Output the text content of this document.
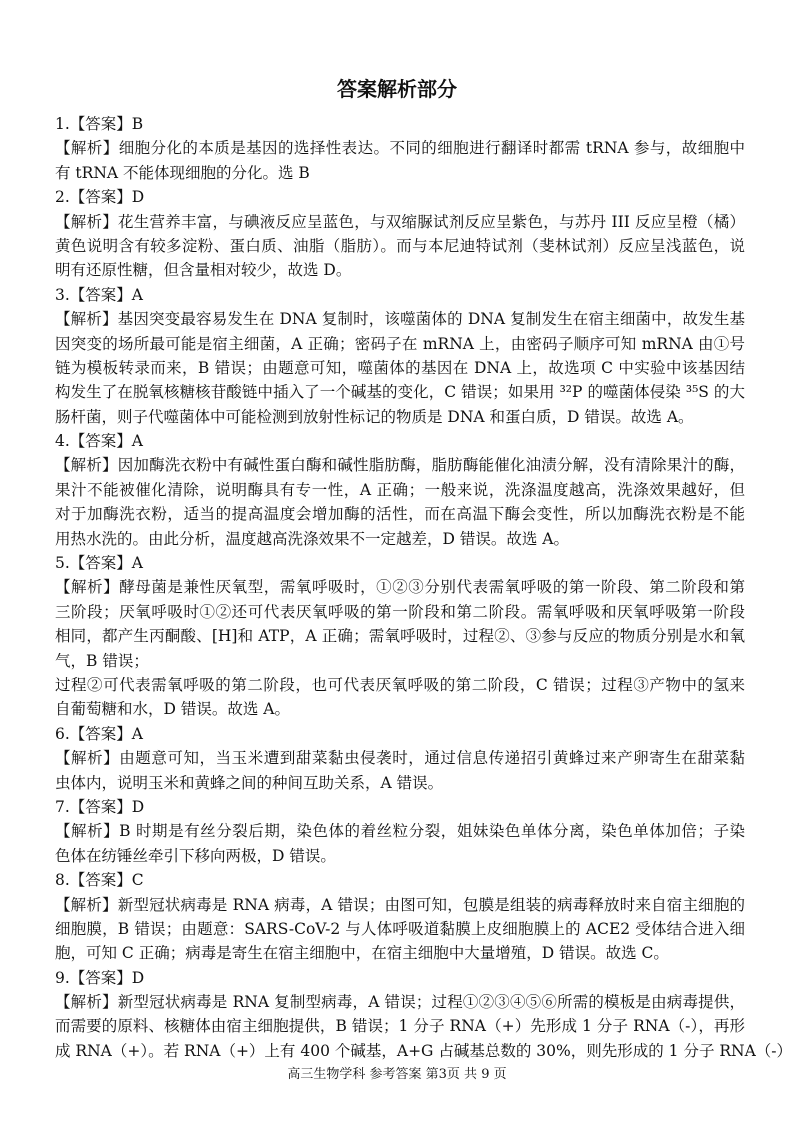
答案解析部分
1.【答案】B
【解析】细胞分化的本质是基因的选择性表达。不同的细胞进行翻译时都需 tRNA 参与，故细胞中
有 tRNA 不能体现细胞的分化。选 B
2.【答案】D
【解析】花生营养丰富，与碘液反应呈蓝色，与双缩脲试剂反应呈紫色，与苏丹 III 反应呈橙（橘）
黄色说明含有较多淀粉、蛋白质、油脂（脂肪）。而与本尼迪特试剂（斐林试剂）反应呈浅蓝色，说
明有还原性糖，但含量相对较少，故选 D。
3.【答案】A
【解析】基因突变最容易发生在 DNA 复制时，该噬菌体的 DNA 复制发生在宿主细菌中，故发生基
因突变的场所最可能是宿主细菌，A 正确；密码子在 mRNA 上，由密码子顺序可知 mRNA 由①号
链为模板转录而来，B 错误；由题意可知，噬菌体的基因在 DNA 上，故选项 C 中实验中该基因结
构发生了在脱氧核糖核苷酸链中插入了一个碱基的变化，C 错误；如果用 ³²P 的噬菌体侵染 ³⁵S 的大
肠杆菌，则子代噬菌体中可能检测到放射性标记的物质是 DNA 和蛋白质，D 错误。故选 A。
4.【答案】A
【解析】因加酶洗衣粉中有碱性蛋白酶和碱性脂肪酶，脂肪酶能催化油渍分解，没有清除果汁的酶，
果汁不能被催化清除，说明酶具有专一性，A 正确；一般来说，洗涤温度越高，洗涤效果越好，但
对于加酶洗衣粉，适当的提高温度会增加酶的活性，而在高温下酶会变性，所以加酶洗衣粉是不能
用热水洗的。由此分析，温度越高洗涤效果不一定越差，D 错误。故选 A。
5.【答案】A
【解析】酵母菌是兼性厌氧型，需氧呼吸时，①②③分别代表需氧呼吸的第一阶段、第二阶段和第
三阶段；厌氧呼吸时①②还可代表厌氧呼吸的第一阶段和第二阶段。需氧呼吸和厌氧呼吸第一阶段
相同，都产生丙酮酸、[H]和 ATP，A 正确；需氧呼吸时，过程②、③参与反应的物质分别是水和氧
气，B 错误；
过程②可代表需氧呼吸的第二阶段，也可代表厌氧呼吸的第二阶段，C 错误；过程③产物中的氢来
自葡萄糖和水，D 错误。故选 A。
6.【答案】A
【解析】由题意可知，当玉米遭到甜菜黏虫侵袭时，通过信息传递招引黄蜂过来产卵寄生在甜菜黏
虫体内，说明玉米和黄蜂之间的种间互助关系，A 错误。
7.【答案】D
【解析】B 时期是有丝分裂后期，染色体的着丝粒分裂，姐妹染色单体分离，染色单体加倍；子染
色体在纺锤丝牵引下移向两极，D 错误。
8.【答案】C
【解析】新型冠状病毒是 RNA 病毒，A 错误；由图可知，包膜是组装的病毒释放时来自宿主细胞的
细胞膜，B 错误；由题意：SARS-CoV-2 与人体呼吸道黏膜上皮细胞膜上的 ACE2 受体结合进入细
胞，可知 C 正确；病毒是寄生在宿主细胞中，在宿主细胞中大量增殖，D 错误。故选 C。
9.【答案】D
【解析】新型冠状病毒是 RNA 复制型病毒，A 错误；过程①②③④⑤⑥所需的模板是由病毒提供，
而需要的原料、核糖体由宿主细胞提供，B 错误；1 分子 RNA（+）先形成 1 分子 RNA（-），再形
成 RNA（+）。若 RNA（+）上有 400 个碱基，A+G 占碱基总数的 30%，则先形成的 1 分子 RNA（-）
高三生物学科 参考答案 第3页 共 9 页
